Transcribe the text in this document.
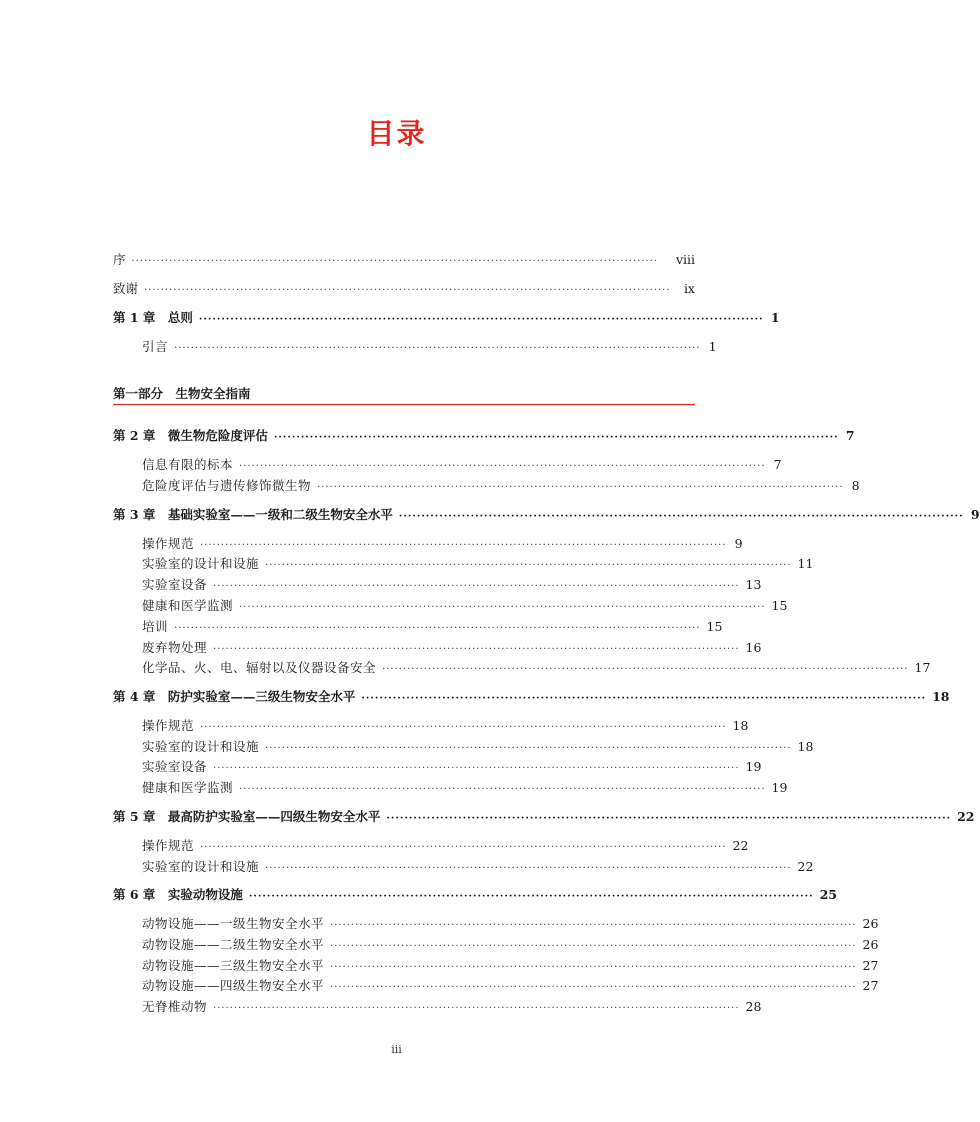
目录
序 ······························································································································	viii
致谢 ······························································································································	ix
第 1 章　总则 ······························································································································ 1
引言 ······························································································································ 1
第一部分　生物安全指南
第 2 章　微生物危险度评估 ······························································································································ 7
信息有限的标本 ······························································································································ 7
危险度评估与遗传修饰微生物 ······························································································································ 8
第 3 章　基础实验室——一级和二级生物安全水平 ······························································································································ 9
操作规范 ······························································································································ 9
实验室的设计和设施 ······························································································································ 11
实验室设备 ······························································································································ 13
健康和医学监测 ······························································································································ 15
培训 ······························································································································ 15
废弃物处理 ······························································································································ 16
化学品、火、电、辐射以及仪器设备安全 ······························································································································ 17
第 4 章　防护实验室——三级生物安全水平 ······························································································································ 18
操作规范 ······························································································································ 18
实验室的设计和设施 ······························································································································ 18
实验室设备 ······························································································································ 19
健康和医学监测 ······························································································································ 19
第 5 章　最高防护实验室——四级生物安全水平 ······························································································································ 22
操作规范 ······························································································································ 22
实验室的设计和设施 ······························································································································ 22
第 6 章　实验动物设施 ······························································································································ 25
动物设施——一级生物安全水平 ······························································································································ 26
动物设施——二级生物安全水平 ······························································································································ 26
动物设施——三级生物安全水平 ······························································································································ 27
动物设施——四级生物安全水平 ······························································································································ 27
无脊椎动物 ······························································································································ 28
iii
